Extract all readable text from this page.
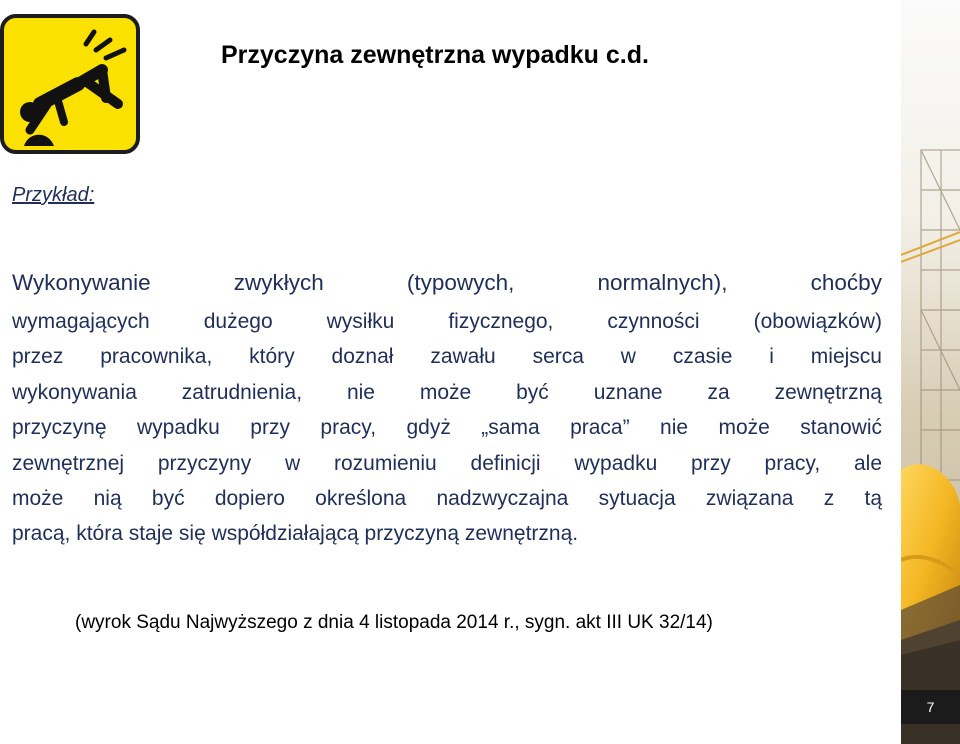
Przyczyna zewnętrzna wypadku c.d.

Przykład:

Wykonywanie	zwykłych	(typowych,	normalnych),	choćby

wymagających dużego wysiłku fizycznego, czynności (obowiązków)
przez pracownika, który doznał zawału serca w czasie i miejscu
wykonywania zatrudnienia, nie może być uznane za zewnętrzną
przyczynę wypadku przy pracy, gdyż „sama praca” nie może stanowić
zewnętrznej przyczyny w rozumieniu definicji wypadku przy pracy, ale
może nią być dopiero określona nadzwyczajna sytuacja związana z tą
pracą, która staje się współdziałającą przyczyną zewnętrzną.

(wyrok Sądu Najwyższego z dnia 4 listopada 2014 r., sygn. akt III UK 32/14)

7
